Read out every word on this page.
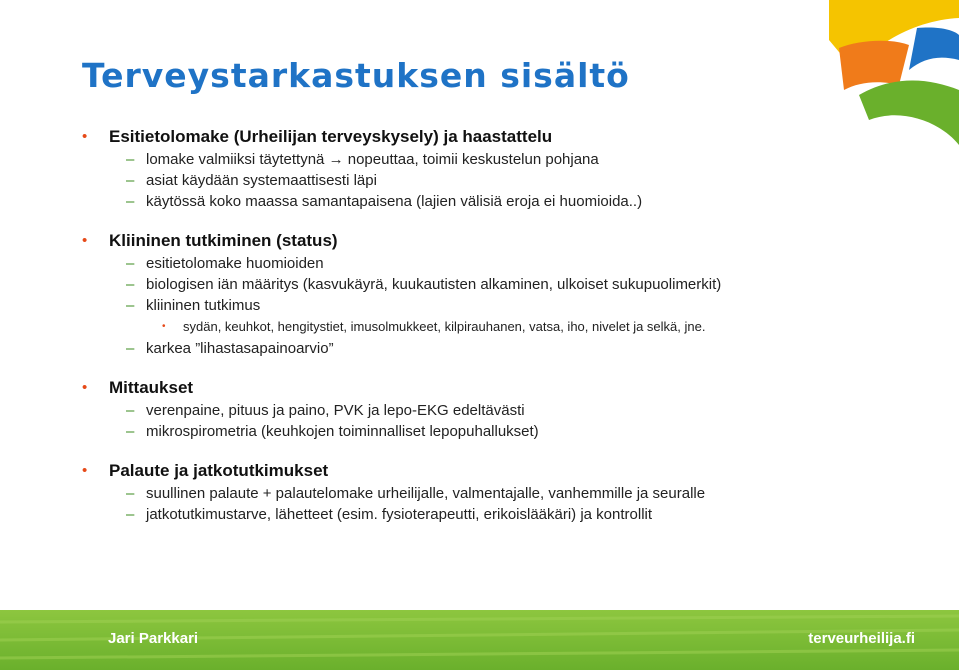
Terveystarkastuksen sisältö
•	Esitietolomake (Urheilijan terveyskysely) ja haastattelu
– lomake valmiiksi täytettynä → nopeuttaa, toimii keskustelun pohjana
– asiat käydään systemaattisesti läpi
– käytössä koko maassa samantapaisena (lajien välisiä eroja ei huomioida..)
•	Kliininen tutkiminen (status)
– esitietolomake huomioiden
– biologisen iän määritys (kasvukäyrä, kuukautisten alkaminen, ulkoiset sukupuolimerkit)
– kliininen tutkimus
•	sydän, keuhkot, hengitystiet, imusolmukkeet, kilpirauhanen, vatsa, iho, nivelet ja selkä, jne.
– karkea ”lihastasapainoarvio”
•	Mittaukset
– verenpaine, pituus ja paino, PVK ja lepo-EKG edeltävästi
– mikrospirometria (keuhkojen toiminnalliset lepopuhallukset)
•	Palaute ja jatkotutkimukset
– suullinen palaute + palautelomake urheilijalle, valmentajalle, vanhemmille ja seuralle
– jatkotutkimustarve, lähetteet (esim. fysioterapeutti, erikoislääkäri) ja kontrollit
Jari Parkkari	terveurheilija.fi
